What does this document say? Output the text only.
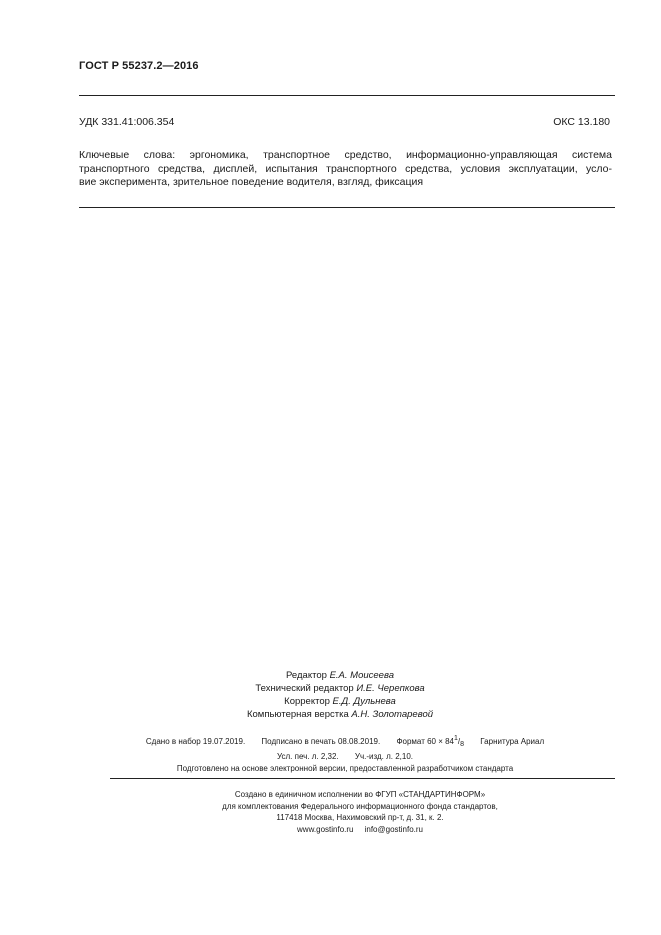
ГОСТ Р 55237.2—2016
УДК 331.41:006.354	ОКС 13.180
Ключевые слова: эргономика, транспортное средство, информационно-управляющая система
транспортного средства, дисплей, испытания транспортного средства, условия эксплуатации, усло-
вие эксперимента, зрительное поведение водителя, взгляд, фиксация
Редактор Е.А. Моисеева
Технический редактор И.Е. Черепкова
Корректор Е.Д. Дульнева
Компьютерная верстка А.Н. Золотаревой
Сдано в набор 19.07.2019. Подписано в печать 08.08.2019. Формат 60 × 841/8 Гарнитура Ариал
Усл. печ. л. 2,32. Уч.-изд. л. 2,10.
Подготовлено на основе электронной версии, предоставленной разработчиком стандарта
Создано в единичном исполнении во ФГУП «СТАНДАРТИНФОРМ»
для комплектования Федерального информационного фонда стандартов,
117418 Москва, Нахимовский пр-т, д. 31, к. 2.
www.gostinfo.ru info@gostinfo.ru
